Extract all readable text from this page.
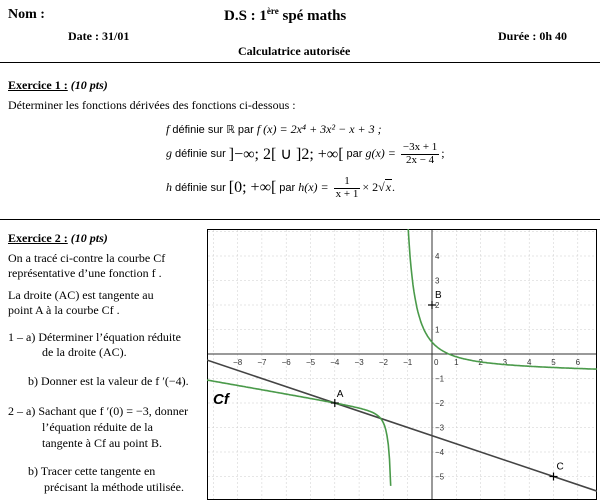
Nom :	D.S : 1ère spé maths
Date : 31/01	Durée : 0h 40
Calculatrice autorisée
Exercice 1 : (10 pts)
Déterminer les fonctions dérivées des fonctions ci-dessous :
f définie sur ℝ par f (x) = 2x⁴ + 3x² − x + 3 ;
g définie sur ]−∞; 2[ ∪ ]2; +∞[ par $g(x) = \frac{-3x + 1}{2x - 4}$ ;
h définie sur [0; +∞[ par $h(x) = \frac{1}{x + 1} \times 2√x$.
Exercice 2 : (10 pts)
On a tracé ci-contre la courbe Cf
représentative d’une fonction f .
La droite (AC) est tangente au
point A à la courbe Cf .
1 – a) Déterminer l’équation réduite
de la droite (AC).
b) Donner est la valeur de f ′(−4).
2 – a) Sachant que f ′(0) = −3, donner
l’équation réduite de la
tangente à Cf au point B.
b) Tracer cette tangente en
précisant la méthode utilisée.
−8 −7 −6 −5 −4 −3 −2 −1	0 1 2 3 4 5 6
4
3
2
1
−1
−2
−3
−4
−5
A
B
C
Cf
